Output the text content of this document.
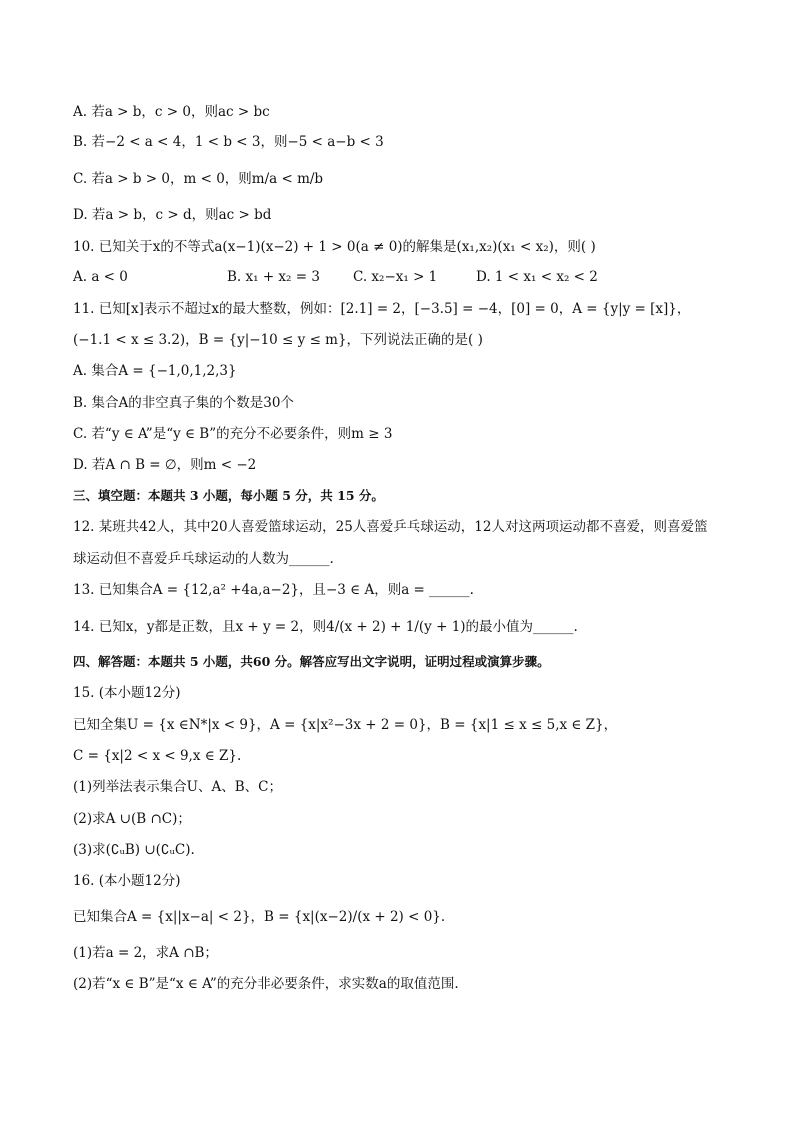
A. 若a > b，c > 0，则ac > bc
B. 若−2 < a < 4，1 < b < 3，则−5 < a−b < 3
C. 若a > b > 0，m < 0，则m/a < m/b
D. 若a > b，c > d，则ac > bd
10. 已知关于x的不等式a(x−1)(x−2) + 1 > 0(a ≠ 0)的解集是(x₁,x₂)(x₁ < x₂)，则( )
A. a < 0	B. x₁ + x₂ = 3 C. x₂−x₁ > 1	D. 1 < x₁ < x₂ < 2
11. 已知[x]表示不超过x的最大整数，例如：[2.1] = 2，[−3.5] = −4，[0] = 0，A = {y|y = [x]}，
(−1.1 < x ≤ 3.2)，B = {y|−10 ≤ y ≤ m}，下列说法正确的是( )
A. 集合A = {−1,0,1,2,3}
B. 集合A的非空真子集的个数是30个
C. 若“y ∈ A”是“y ∈ B”的充分不必要条件，则m ≥ 3
D. 若A ∩ B = ∅，则m < −2
三、填空题：本题共 3 小题，每小题 5 分，共 15 分。
12. 某班共42人，其中20人喜爱篮球运动，25人喜爱乒乓球运动，12人对这两项运动都不喜爱，则喜爱篮
球运动但不喜爱乒乓球运动的人数为______.
13. 已知集合A = {12,a² +4a,a−2}，且−3 ∈ A，则a = ______.
14. 已知x，y都是正数，且x + y = 2，则4/(x + 2) + 1/(y + 1)的最小值为______.
四、解答题：本题共 5 小题，共60 分。解答应写出文字说明，证明过程或演算步骤。
15. (本小题12分)
已知全集U = {x ∈N*|x < 9}，A = {x|x²−3x + 2 = 0}，B = {x|1 ≤ x ≤ 5,x ∈ Z}，
C = {x|2 < x < 9,x ∈ Z}.
(1)列举法表示集合U、A、B、C；
(2)求A ∪(B ∩C)；
(3)求(∁ᵤB) ∪(∁ᵤC).
16. (本小题12分)
已知集合A = {x||x−a| < 2}，B = {x|(x−2)/(x + 2) < 0}.
(1)若a = 2，求A ∩B；
(2)若“x ∈ B”是“x ∈ A”的充分非必要条件，求实数a的取值范围.
